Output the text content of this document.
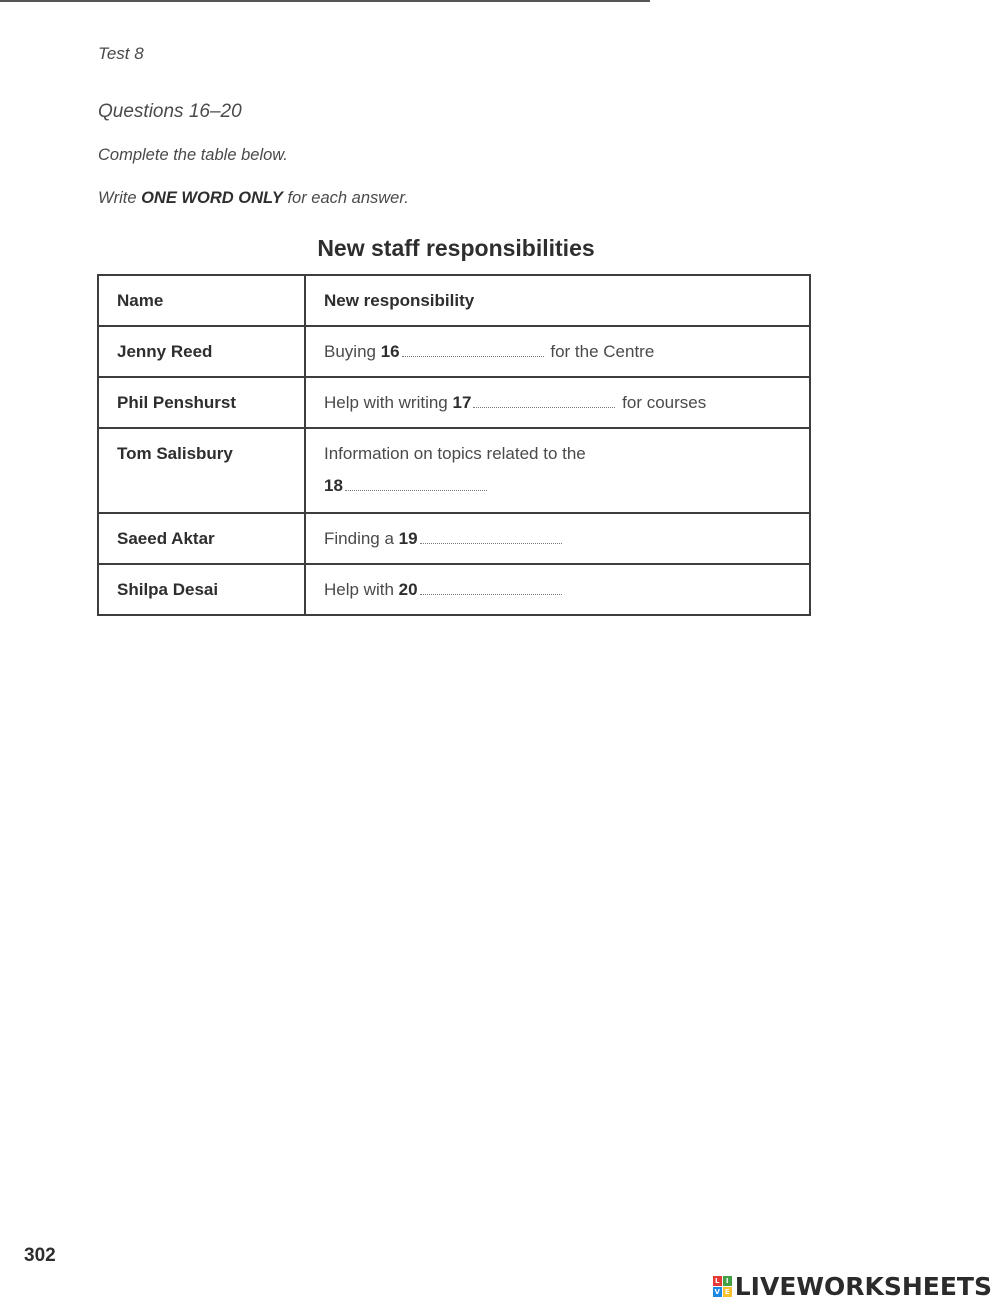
Test 8
Questions 16–20
Complete the table below.
Write ONE WORD ONLY for each answer.
New staff responsibilities
Name	New responsibility
Jenny Reed	Buying 16 for the Centre
Phil Penshurst	Help with writing 17 for courses
Tom Salisbury	Information on topics related to the
18

Saeed Aktar	Finding a 19
Shilpa Desai	Help with 20
302
L I
V E LIVEWORKSHEETS
